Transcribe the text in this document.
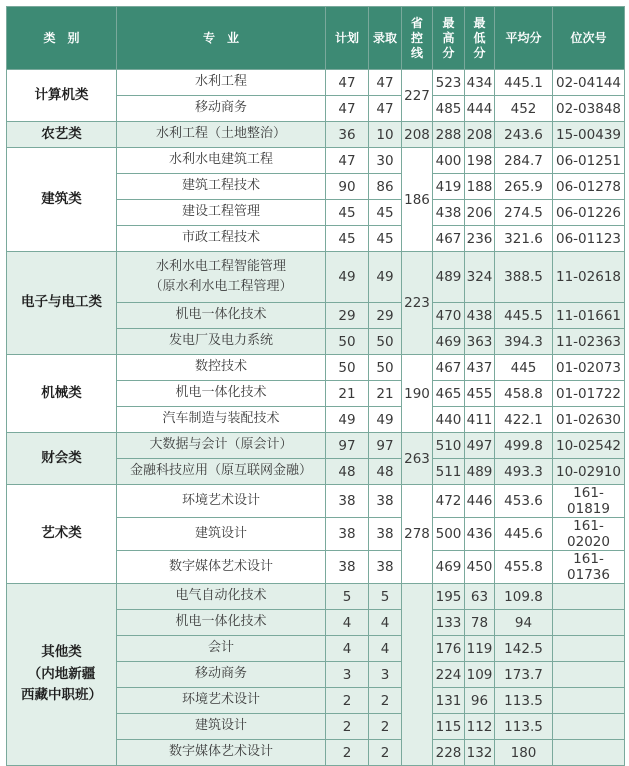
类　别	专　业	计划	录取	省
控
线	最
高
分	最
低
分	平均分	位次号

计算机类	水利工程	47	47	227	523	434	445.1	02-04144

	移动商务	47	47		485	444	452	02-03848

农艺类	水利工程（土地整治）	36	10	208	288	208	243.6	15-00439

建筑类	水利水电建筑工程	47	30	186	400	198	284.7	06-01251

	建筑工程技术	90	86		419	188	265.9	06-01278

	建设工程管理	45	45		438	206	274.5	06-01226

	市政工程技术	45	45		467	236	321.6	06-01123

电子与电工类	水利水电工程智能管理
（原水利水电工程管理）	49	49	223	489	324	388.5	11-02618

	机电一体化技术	29	29		470	438	445.5	11-01661

	发电厂及电力系统	50	50		469	363	394.3	11-02363

机械类	数控技术	50	50	190	467	437	445	01-02073

	机电一体化技术	21	21		465	455	458.8	01-01722

	汽车制造与装配技术	49	49		440	411	422.1	01-02630

财会类	大数据与会计（原会计）	97	97	263	510	497	499.8	10-02542

	金融科技应用（原互联网金融）	48	48		511	489	493.3	10-02910

艺术类	环境艺术设计	38	38	278	472	446	453.6	161-01819

	建筑设计	38	38		500	436	445.6	161-02020

	数字媒体艺术设计	38	38		469	450	455.8	161-01736

其他类
（内地新疆
西藏中职班）	电气自动化技术	5	5		195	63	109.8	

	机电一体化技术	4	4		133	78	94	

	会计	4	4		176	119	142.5	

	移动商务	3	3		224	109	173.7	

	环境艺术设计	2	2		131	96	113.5	

	建筑设计	2	2		115	112	113.5	

	数字媒体艺术设计	2	2		228	132	180	
